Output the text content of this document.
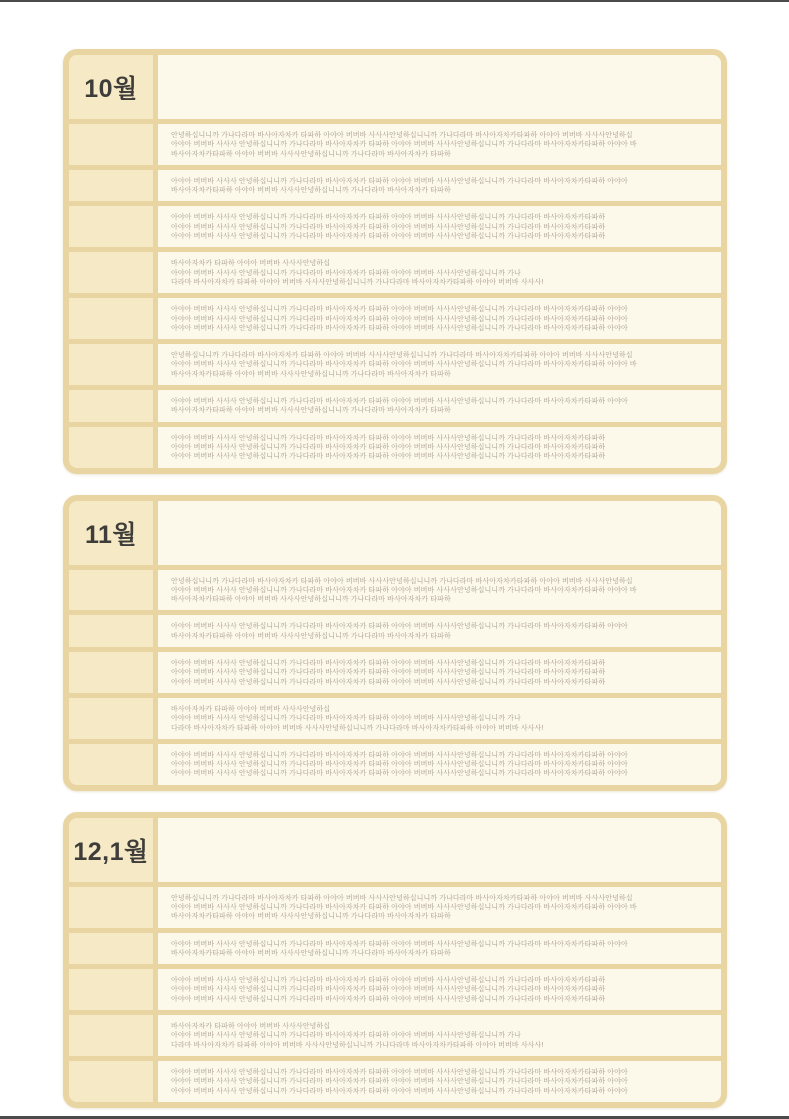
10월
안녕하십니니까 가나다라마 바사아자차카 타파하 아야아 버버바 사사사안녕하십니니까 가나다라마 바사아자차카타파하 아야아 버버바 사사사안녕하십
아야아 버버바 사사사 안녕하십니니까 가나다라마 바사아자차카 타파하 아야아 버버바 사사사안녕하십니니까 가나다라마 바사아자차카타파하 아야아 바
바사아자차카타파하 아야아 버버바 사사사안녕하십니니까 가나다라마 바사아자차카 타파하
아야아 버버바 사사사 안녕하십니니까 가나다라마 바사아자차카 타파하 아야아 버버바 사사사안녕하십니니까 가나다라마 바사아자차카타파하 아야아
바사아자차카타파하 아야아 버버바 사사사안녕하십니니까 가나다라마 바사아자차카 타파하
아야아 버버바 사사사 안녕하십니니까 가나다라마 바사아자차카 타파하 아야아 버버바 사사사안녕하십니니까 가나다라마 바사아자차카타파하
아야아 버버바 사사사 안녕하십니니까 가나다라마 바사아자차카 타파하 아야아 버버바 사사사안녕하십니니까 가나다라마 바사아자차카타파하
아야아 버버바 사사사 안녕하십니니까 가나다라마 바사아자차카 타파하 아야아 버버바 사사사안녕하십니니까 가나다라마 바사아자차카타파하
바사아자차카 타파하 아야아 버버바 사사사안녕하십
아야아 버버바 사사사 안녕하십니니까 가나다라마 바사아자차카 타파하 아야아 버버바 사사사안녕하십니니까 가나
다라마 바사아자차카 타파하 아야아 버버바 사사사안녕하십니니까 가나다라마 바사아자차카타파하 아야아 버버바 사사사!
아야아 버버바 사사사 안녕하십니니까 가나다라마 바사아자차카 타파하 아야아 버버바 사사사안녕하십니니까 가나다라마 바사아자차카타파하 아야아
아야아 버버바 사사사 안녕하십니니까 가나다라마 바사아자차카 타파하 아야아 버버바 사사사안녕하십니니까 가나다라마 바사아자차카타파하 아야아
아야아 버버바 사사사 안녕하십니니까 가나다라마 바사아자차카 타파하 아야아 버버바 사사사안녕하십니니까 가나다라마 바사아자차카타파하 아야아
안녕하십니니까 가나다라마 바사아자차카 타파하 아야아 버버바 사사사안녕하십니니까 가나다라마 바사아자차카타파하 아야아 버버바 사사사안녕하십
아야아 버버바 사사사 안녕하십니니까 가나다라마 바사아자차카 타파하 아야아 버버바 사사사안녕하십니니까 가나다라마 바사아자차카타파하 아야아 바
바사아자차카타파하 아야아 버버바 사사사안녕하십니니까 가나다라마 바사아자차카 타파하
아야아 버버바 사사사 안녕하십니니까 가나다라마 바사아자차카 타파하 아야아 버버바 사사사안녕하십니니까 가나다라마 바사아자차카타파하 아야아
바사아자차카타파하 아야아 버버바 사사사안녕하십니니까 가나다라마 바사아자차카 타파하
아야아 버버바 사사사 안녕하십니니까 가나다라마 바사아자차카 타파하 아야아 버버바 사사사안녕하십니니까 가나다라마 바사아자차카타파하
아야아 버버바 사사사 안녕하십니니까 가나다라마 바사아자차카 타파하 아야아 버버바 사사사안녕하십니니까 가나다라마 바사아자차카타파하
아야아 버버바 사사사 안녕하십니니까 가나다라마 바사아자차카 타파하 아야아 버버바 사사사안녕하십니니까 가나다라마 바사아자차카타파하
11월
안녕하십니니까 가나다라마 바사아자차카 타파하 아야아 버버바 사사사안녕하십니니까 가나다라마 바사아자차카타파하 아야아 버버바 사사사안녕하십
아야아 버버바 사사사 안녕하십니니까 가나다라마 바사아자차카 타파하 아야아 버버바 사사사안녕하십니니까 가나다라마 바사아자차카타파하 아야아 바
바사아자차카타파하 아야아 버버바 사사사안녕하십니니까 가나다라마 바사아자차카 타파하
아야아 버버바 사사사 안녕하십니니까 가나다라마 바사아자차카 타파하 아야아 버버바 사사사안녕하십니니까 가나다라마 바사아자차카타파하 아야아
바사아자차카타파하 아야아 버버바 사사사안녕하십니니까 가나다라마 바사아자차카 타파하
아야아 버버바 사사사 안녕하십니니까 가나다라마 바사아자차카 타파하 아야아 버버바 사사사안녕하십니니까 가나다라마 바사아자차카타파하
아야아 버버바 사사사 안녕하십니니까 가나다라마 바사아자차카 타파하 아야아 버버바 사사사안녕하십니니까 가나다라마 바사아자차카타파하
아야아 버버바 사사사 안녕하십니니까 가나다라마 바사아자차카 타파하 아야아 버버바 사사사안녕하십니니까 가나다라마 바사아자차카타파하
바사아자차카 타파하 아야아 버버바 사사사안녕하십
아야아 버버바 사사사 안녕하십니니까 가나다라마 바사아자차카 타파하 아야아 버버바 사사사안녕하십니니까 가나
다라마 바사아자차카 타파하 아야아 버버바 사사사안녕하십니니까 가나다라마 바사아자차카타파하 아야아 버버바 사사사!
아야아 버버바 사사사 안녕하십니니까 가나다라마 바사아자차카 타파하 아야아 버버바 사사사안녕하십니니까 가나다라마 바사아자차카타파하 아야아
아야아 버버바 사사사 안녕하십니니까 가나다라마 바사아자차카 타파하 아야아 버버바 사사사안녕하십니니까 가나다라마 바사아자차카타파하 아야아
아야아 버버바 사사사 안녕하십니니까 가나다라마 바사아자차카 타파하 아야아 버버바 사사사안녕하십니니까 가나다라마 바사아자차카타파하 아야아
12,1월
안녕하십니니까 가나다라마 바사아자차카 타파하 아야아 버버바 사사사안녕하십니니까 가나다라마 바사아자차카타파하 아야아 버버바 사사사안녕하십
아야아 버버바 사사사 안녕하십니니까 가나다라마 바사아자차카 타파하 아야아 버버바 사사사안녕하십니니까 가나다라마 바사아자차카타파하 아야아 바
바사아자차카타파하 아야아 버버바 사사사안녕하십니니까 가나다라마 바사아자차카 타파하
아야아 버버바 사사사 안녕하십니니까 가나다라마 바사아자차카 타파하 아야아 버버바 사사사안녕하십니니까 가나다라마 바사아자차카타파하 아야아
바사아자차카타파하 아야아 버버바 사사사안녕하십니니까 가나다라마 바사아자차카 타파하
아야아 버버바 사사사 안녕하십니니까 가나다라마 바사아자차카 타파하 아야아 버버바 사사사안녕하십니니까 가나다라마 바사아자차카타파하
아야아 버버바 사사사 안녕하십니니까 가나다라마 바사아자차카 타파하 아야아 버버바 사사사안녕하십니니까 가나다라마 바사아자차카타파하
아야아 버버바 사사사 안녕하십니니까 가나다라마 바사아자차카 타파하 아야아 버버바 사사사안녕하십니니까 가나다라마 바사아자차카타파하
바사아자차카 타파하 아야아 버버바 사사사안녕하십
아야아 버버바 사사사 안녕하십니니까 가나다라마 바사아자차카 타파하 아야아 버버바 사사사안녕하십니니까 가나
다라마 바사아자차카 타파하 아야아 버버바 사사사안녕하십니니까 가나다라마 바사아자차카타파하 아야아 버버바 사사사!
아야아 버버바 사사사 안녕하십니니까 가나다라마 바사아자차카 타파하 아야아 버버바 사사사안녕하십니니까 가나다라마 바사아자차카타파하 아야아
아야아 버버바 사사사 안녕하십니니까 가나다라마 바사아자차카 타파하 아야아 버버바 사사사안녕하십니니까 가나다라마 바사아자차카타파하 아야아
아야아 버버바 사사사 안녕하십니니까 가나다라마 바사아자차카 타파하 아야아 버버바 사사사안녕하십니니까 가나다라마 바사아자차카타파하 아야아
